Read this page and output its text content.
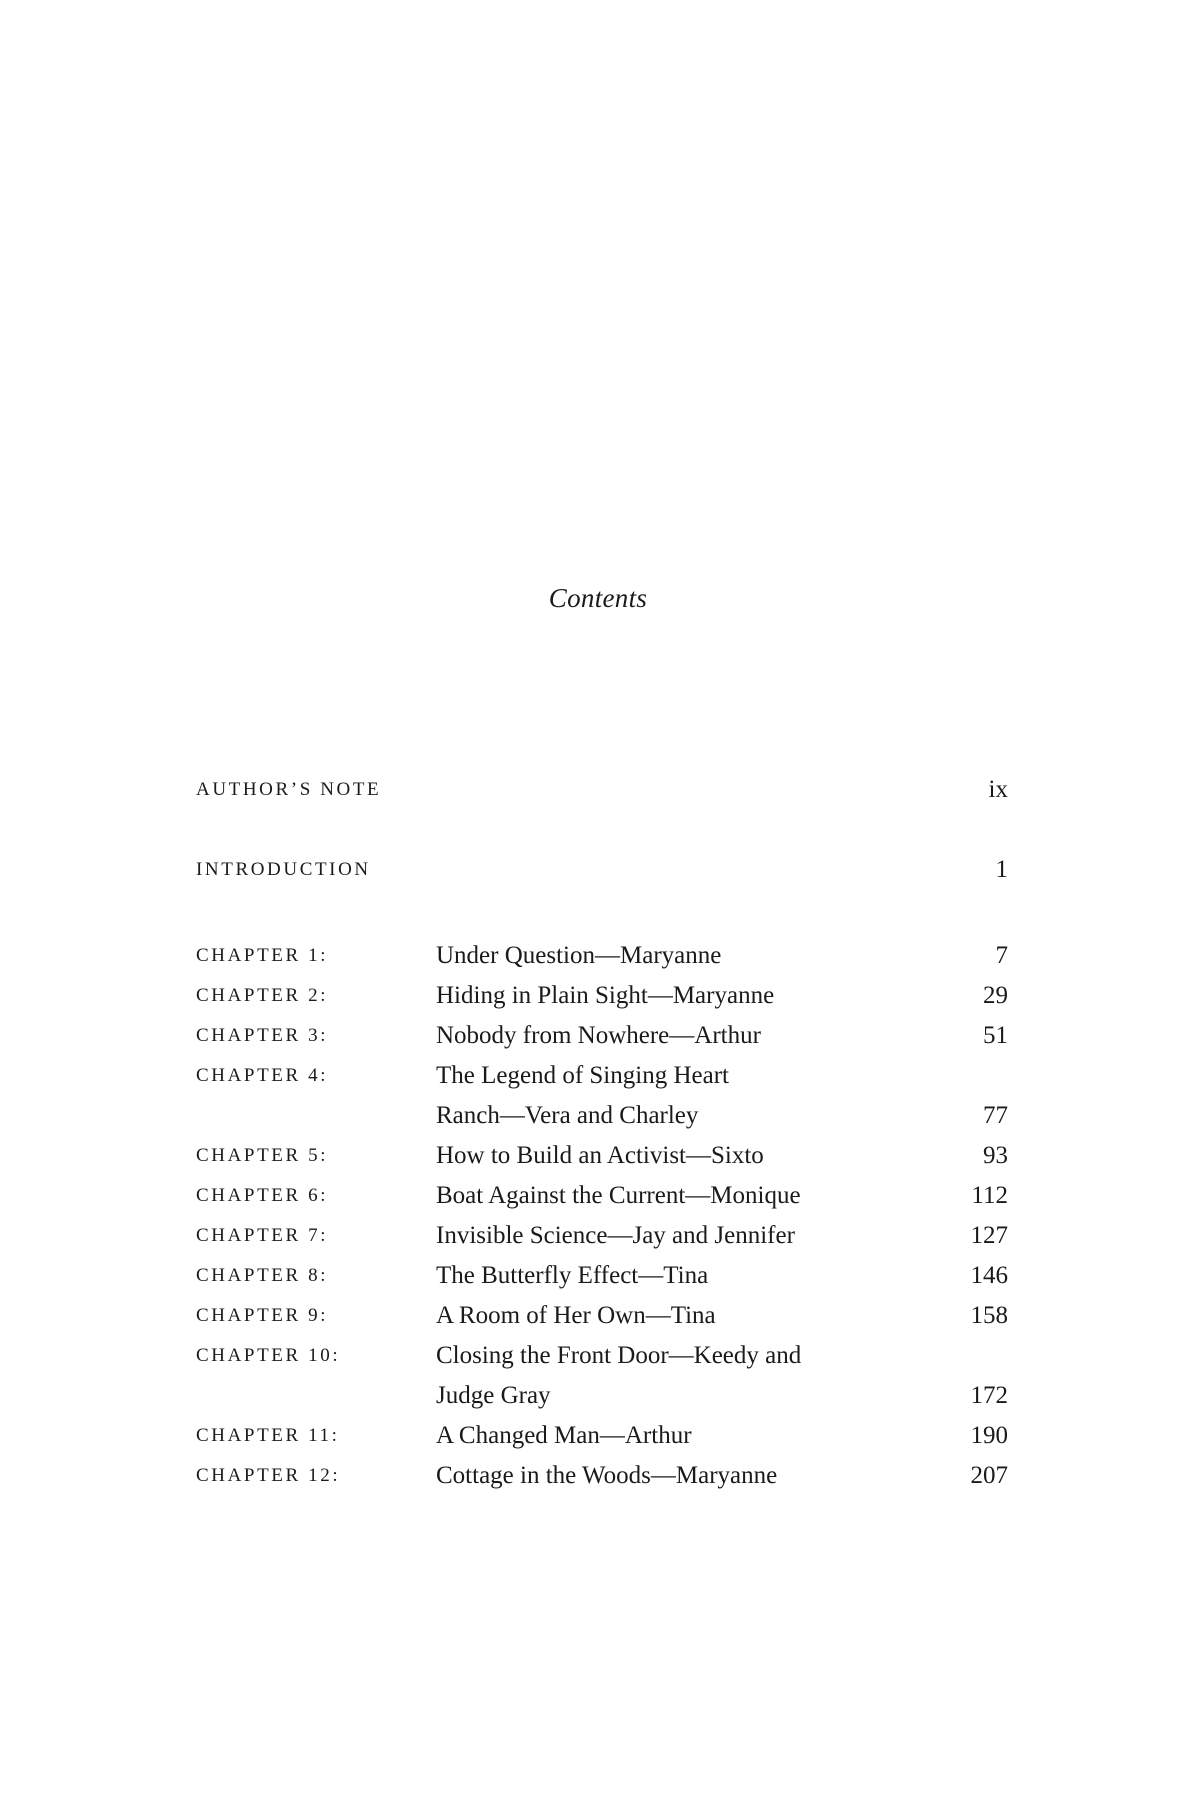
Contents
AUTHOR’S NOTE	ix
INTRODUCTION	1
CHAPTER 1:	Under Question—Maryanne	7
CHAPTER 2:	Hiding in Plain Sight—Maryanne	29
CHAPTER 3:	Nobody from Nowhere—Arthur	51
CHAPTER 4:	The Legend of Singing Heart
Ranch—Vera and Charley	77
CHAPTER 5:	How to Build an Activist—Sixto	93
CHAPTER 6:	Boat Against the Current—Monique	112
CHAPTER 7:	Invisible Science—Jay and Jennifer	127
CHAPTER 8:	The Butterfly Effect—Tina	146
CHAPTER 9:	A Room of Her Own—Tina	158
CHAPTER 10:	Closing the Front Door—Keedy and
Judge Gray	172
CHAPTER 11:	A Changed Man—Arthur	190
CHAPTER 12:	Cottage in the Woods—Maryanne	207
